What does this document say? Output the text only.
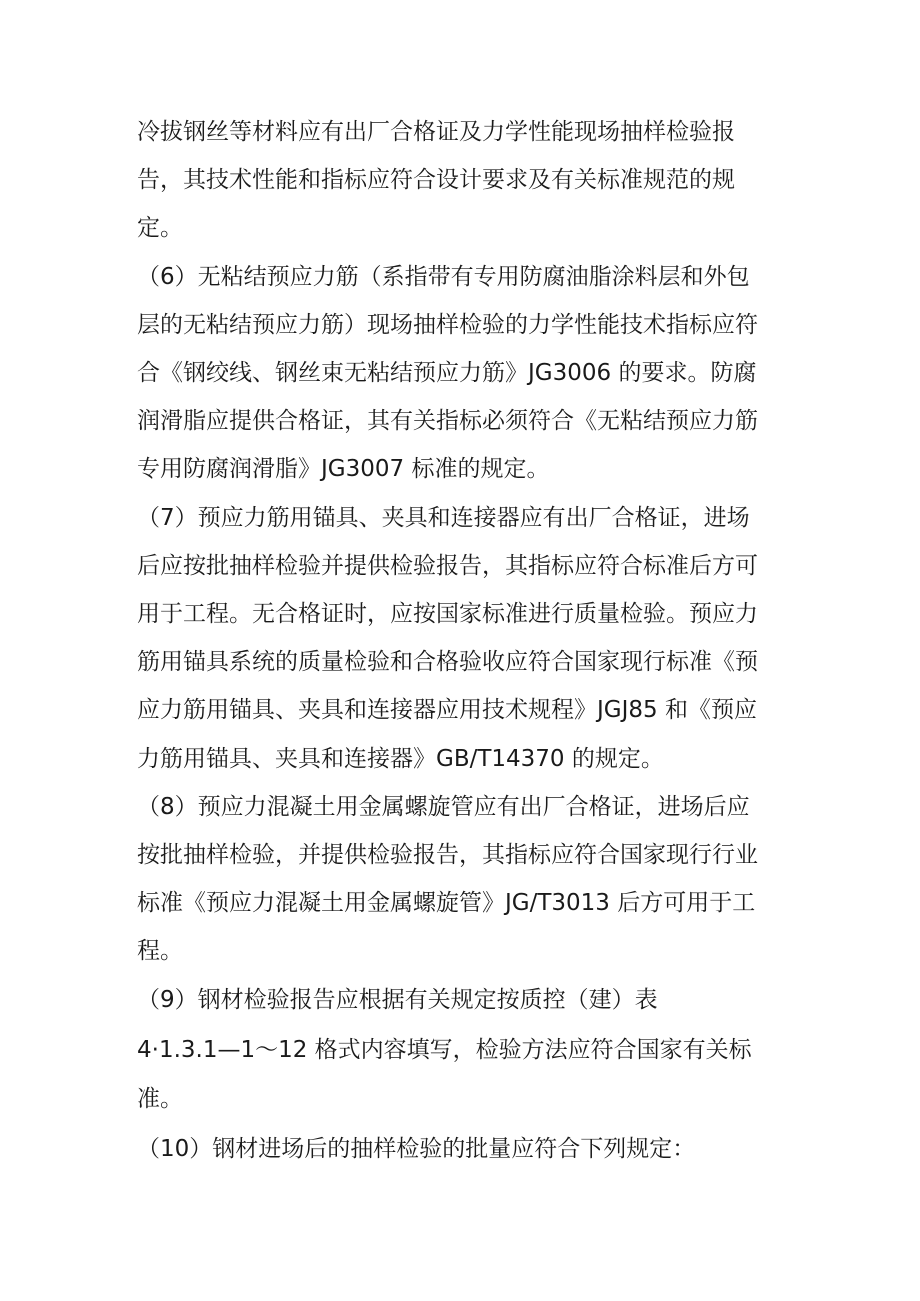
冷拔钢丝等材料应有出厂合格证及力学性能现场抽样检验报
告，其技术性能和指标应符合设计要求及有关标准规范的规
定。
（6）无粘结预应力筋（系指带有专用防腐油脂涂料层和外包
层的无粘结预应力筋）现场抽样检验的力学性能技术指标应符
合《钢绞线、钢丝束无粘结预应力筋》JG3006 的要求。防腐
润滑脂应提供合格证，其有关指标必须符合《无粘结预应力筋
专用防腐润滑脂》JG3007 标准的规定。
（7）预应力筋用锚具、夹具和连接器应有出厂合格证，进场
后应按批抽样检验并提供检验报告，其指标应符合标准后方可
用于工程。无合格证时，应按国家标准进行质量检验。预应力
筋用锚具系统的质量检验和合格验收应符合国家现行标准《预
应力筋用锚具、夹具和连接器应用技术规程》JGJ85 和《预应
力筋用锚具、夹具和连接器》GB/T14370 的规定。
（8）预应力混凝土用金属螺旋管应有出厂合格证，进场后应
按批抽样检验，并提供检验报告，其指标应符合国家现行行业
标准《预应力混凝土用金属螺旋管》JG/T3013 后方可用于工
程。
（9）钢材检验报告应根据有关规定按质控（建）表
4·1.3.1—1～12 格式内容填写，检验方法应符合国家有关标
准。
（10）钢材进场后的抽样检验的批量应符合下列规定：
